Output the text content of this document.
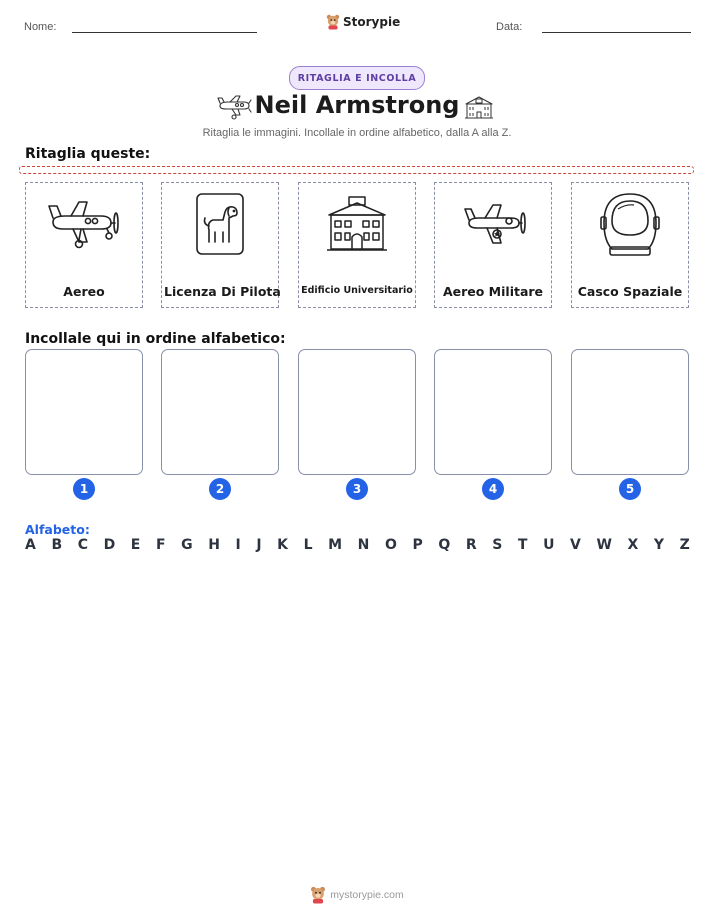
Nome:	Storypie	Data:
RITAGLIA E INCOLLA
Neil Armstrong
Ritaglia le immagini. Incollale in ordine alfabetico, dalla A alla Z.
Ritaglia queste:
Aereo	Licenza Di Pilota Edificio Universitario	Aereo Militare	Casco Spaziale
Incollale qui in ordine alfabetico:
1	2	3	4	5
Alfabeto:
A B C D E F G H I J K L M N O P Q R S T U V W X Y Z
mystorypie.com
